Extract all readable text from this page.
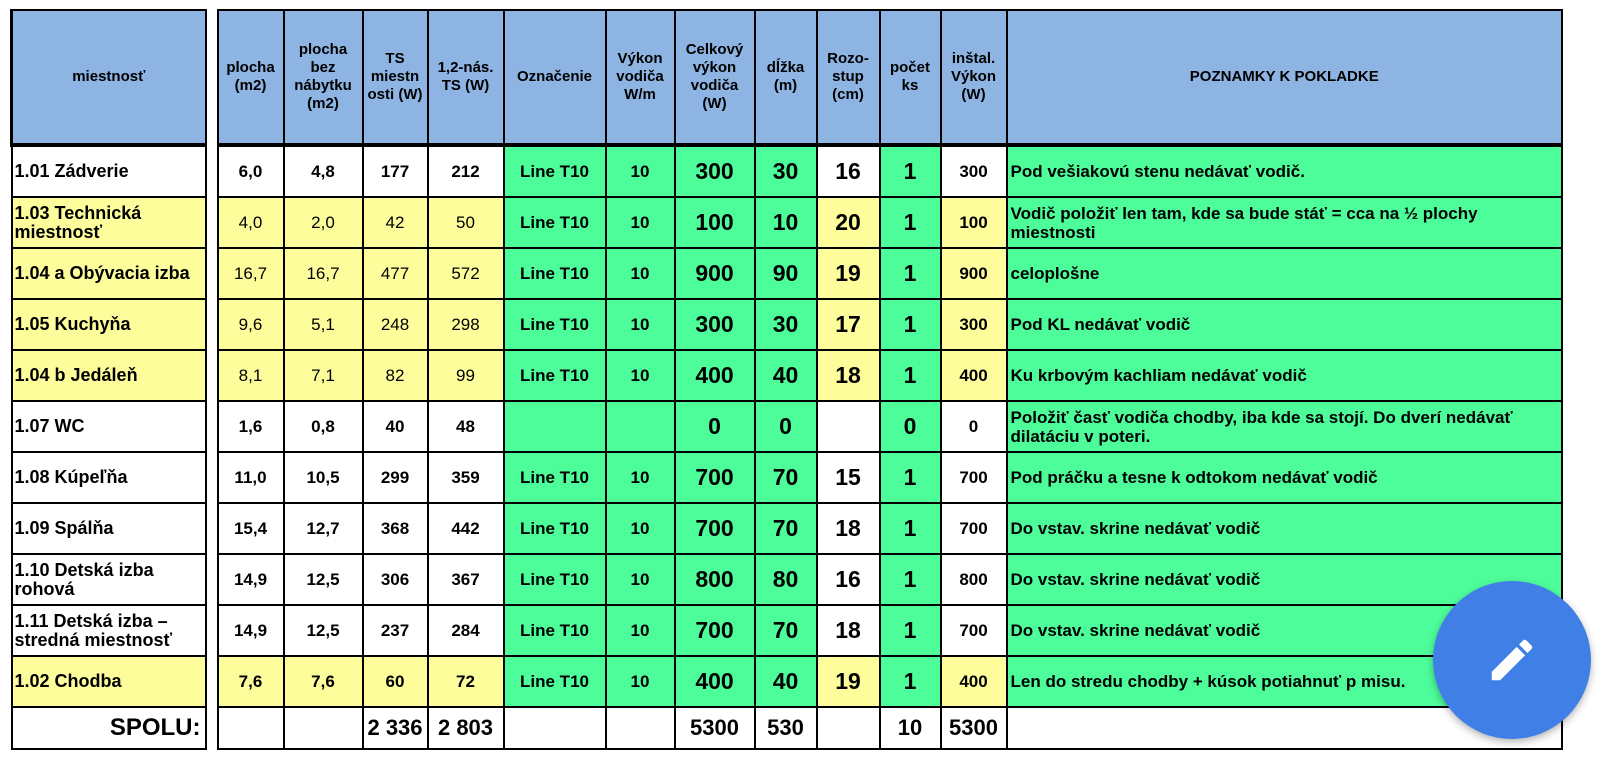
miestnosť		plocha (m2)	plocha bez nábytku (m2)	TS miestn osti (W)	1,2-nás. TS (W)	Označenie	Výkon vodiča W/m	Celkový výkon vodiča (W)	dĺžka (m)	Rozo-stup (cm)	počet ks	inštal. Výkon (W)	POZNAMKY K POKLADKE
1.01 Zádverie		6,0	4,8	177	212	Line T10	10	300	30	16	1	300	Pod vešiakovú stenu nedávať vodič.
1.03 Technická miestnosť		4,0	2,0	42	50	Line T10	10	100	10	20	1	100	Vodič položiť len tam, kde sa bude stáť = cca na ½ plochy miestnosti
1.04 a Obývacia izba		16,7	16,7	477	572	Line T10	10	900	90	19	1	900	celoplošne
1.05 Kuchyňa		9,6	5,1	248	298	Line T10	10	300	30	17	1	300	Pod KL nedávať vodič
1.04 b Jedáleň		8,1	7,1	82	99	Line T10	10	400	40	18	1	400	Ku krbovým kachliam nedávať vodič
1.07 WC		1,6	0,8	40	48			0	0		0	0	Položiť časť vodiča chodby, iba kde sa stojí. Do dverí nedávať dilatáciu v poteri.
1.08 Kúpeľňa		11,0	10,5	299	359	Line T10	10	700	70	15	1	700	Pod práčku a tesne k odtokom nedávať vodič
1.09 Spálňa		15,4	12,7	368	442	Line T10	10	700	70	18	1	700	Do vstav. skrine nedávať vodič
1.10 Detská izba rohová		14,9	12,5	306	367	Line T10	10	800	80	16	1	800	Do vstav. skrine nedávať vodič
1.11 Detská izba – stredná miestnosť		14,9	12,5	237	284	Line T10	10	700	70	18	1	700	Do vstav. skrine nedávať vodič
1.02 Chodba		7,6	7,6	60	72	Line T10	10	400	40	19	1	400	Len do stredu chodby + kúsok potiahnuť p misu.
SPOLU:				2 336	2 803			5300	530		10	5300	
